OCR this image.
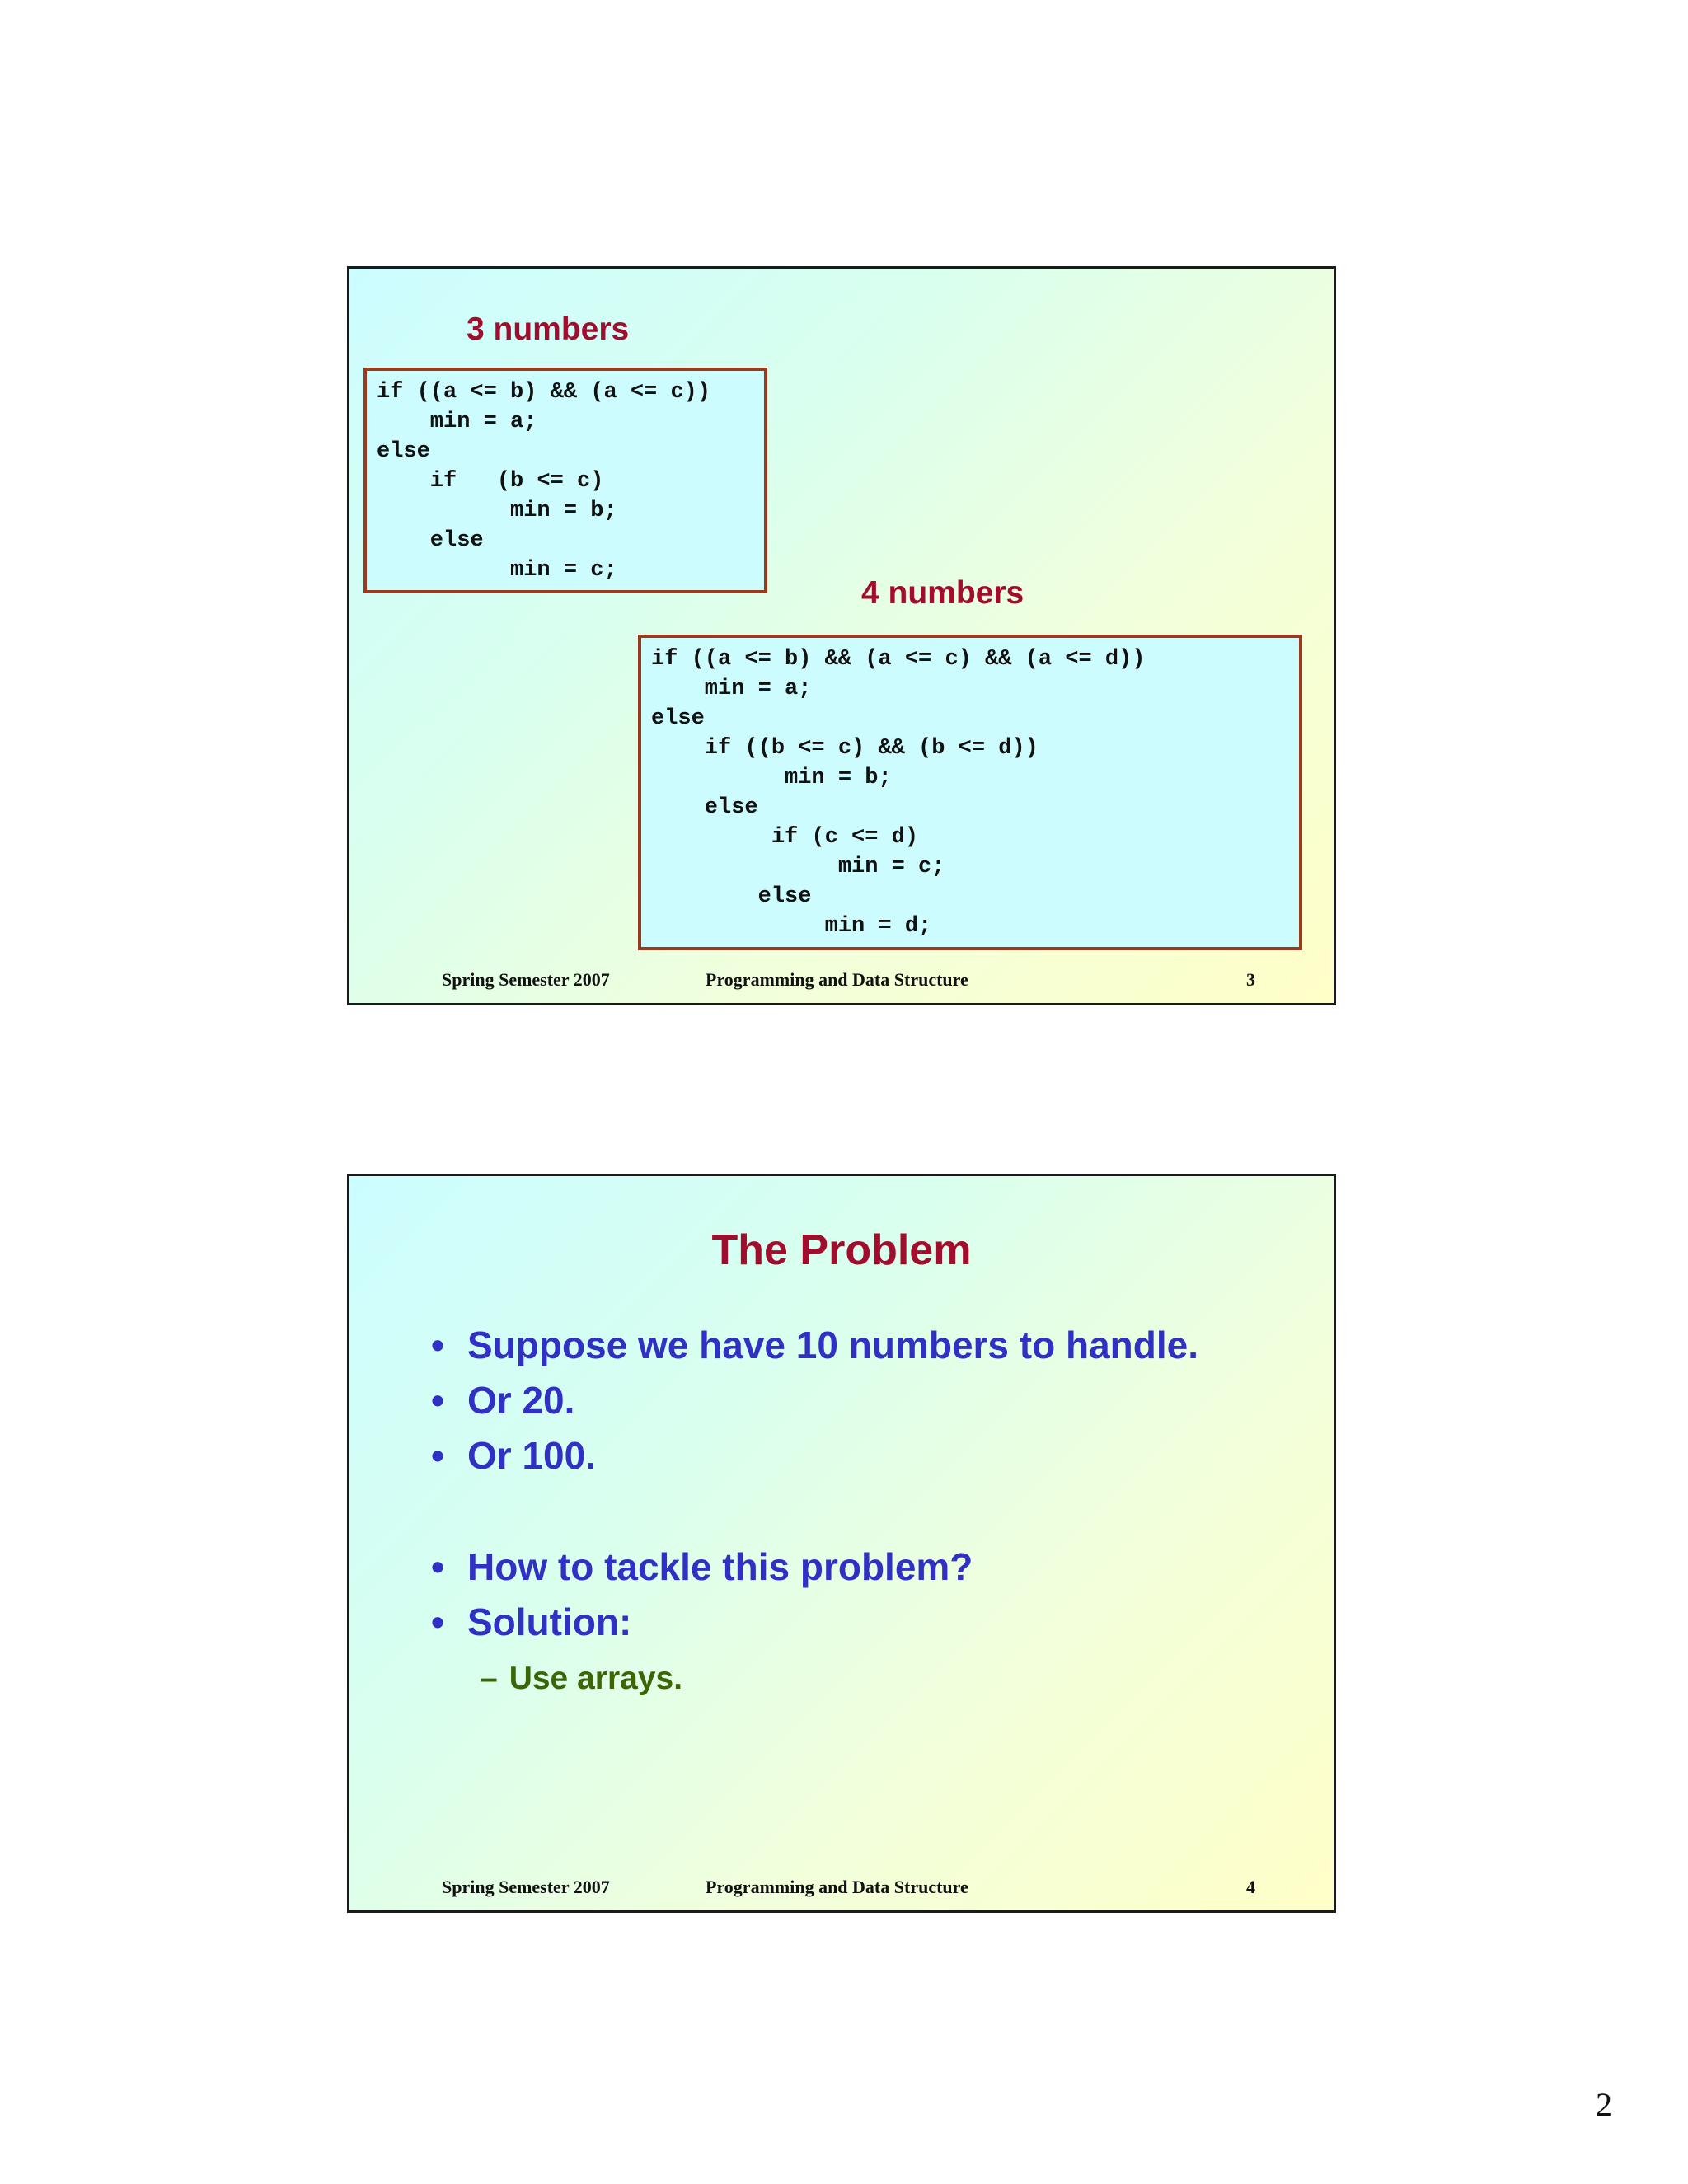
3 numbers
if ((a <= b) && (a <= c))
min = a;
else
if   (b <= c)
min = b;
else
min = c;
4 numbers
if ((a <= b) && (a <= c) && (a <= d))
min = a;
else
if ((b <= c) && (b <= d))
min = b;
else
if (c <= d)
min = c;
else
min = d;
Spring Semester 2007	Programming and Data Structure	3
The Problem
• Suppose we have 10 numbers to handle.
• Or 20.
• Or 100.
• How to tackle this problem?
• Solution:

– Use arrays.

Spring Semester 2007	Programming and Data Structure	4
2
